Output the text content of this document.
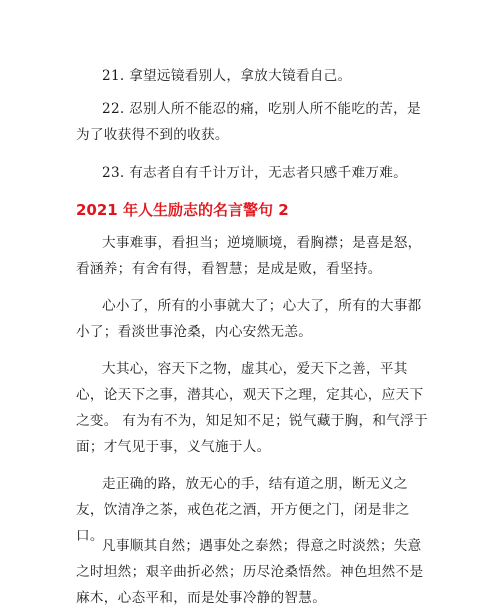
21. 拿望远镜看别人，拿放大镜看自己。

22. 忍别人所不能忍的痛，吃别人所不能吃的苦，是为了收获得不到的收获。

23. 有志者自有千计万计，无志者只感千难万难。

2021 年人生励志的名言警句 2

大事难事，看担当；逆境顺境，看胸襟；是喜是怒，看涵养；有舍有得，看智慧；是成是败，看坚持。

心小了，所有的小事就大了；心大了，所有的大事都小了；看淡世事沧桑，内心安然无恙。

大其心，容天下之物，虚其心，爱天下之善，平其心，论天下之事，潜其心，观天下之理，定其心，应天下之变。 有为有不为，知足知不足；锐气藏于胸，和气浮于面；才气见于事，义气施于人。

走正确的路，放无心的手，结有道之朋，断无义之友，饮清净之茶，戒色花之酒，开方便之门，闭是非之口。

凡事顺其自然；遇事处之泰然；得意之时淡然；失意之时坦然；艰辛曲折必然；历尽沧桑悟然。神色坦然不是麻木，心态平和，而是处事冷静的智慧。
